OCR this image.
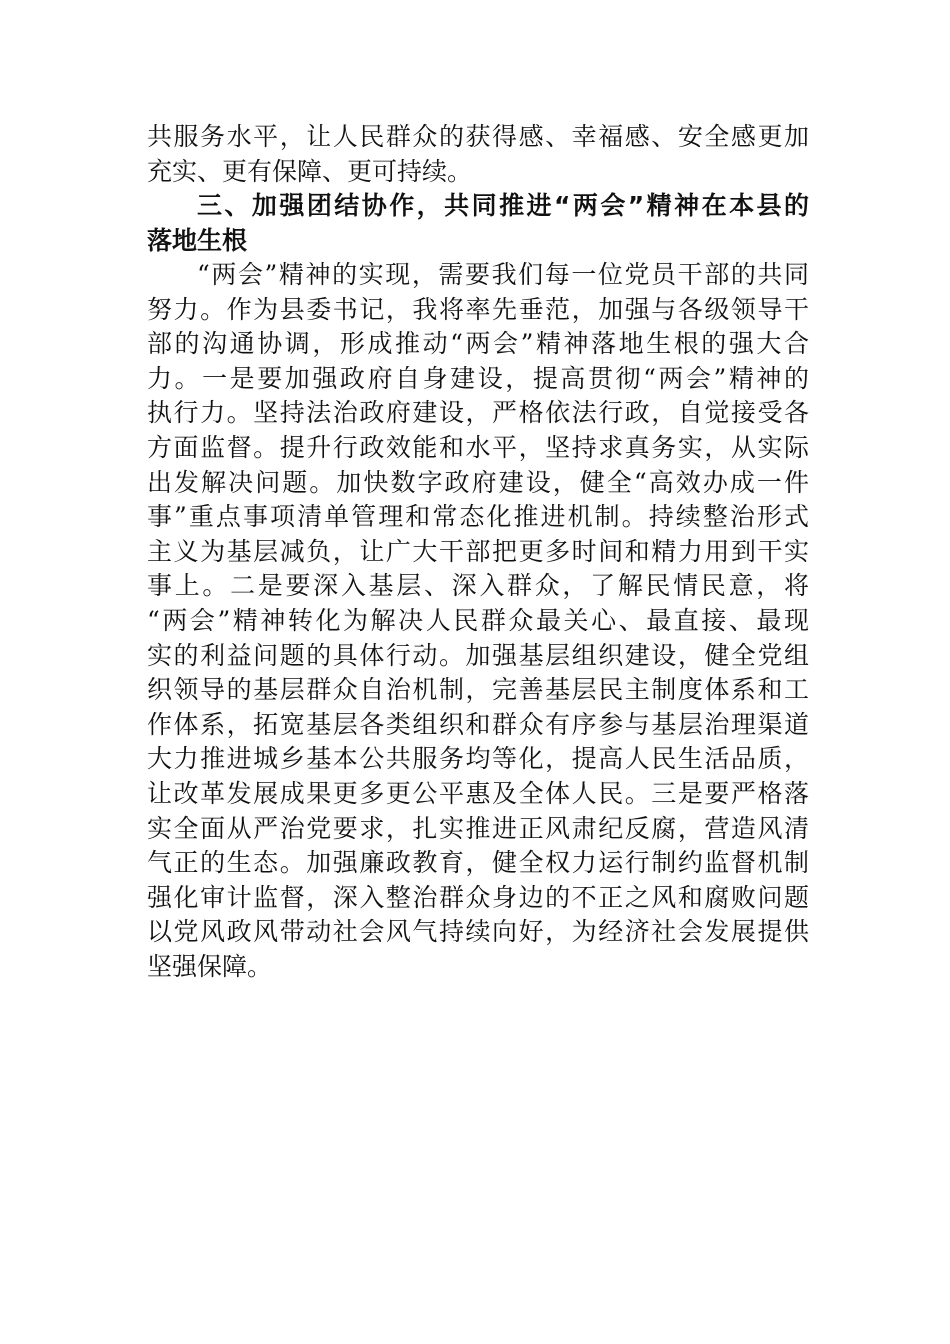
共服务水平，让人民群众的获得感、幸福感、安全感更加
充实、更有保障、更可持续。
三、加强团结协作，共同推进“两会”精神在本县的
落地生根
“两会”精神的实现，需要我们每一位党员干部的共同
努力。作为县委书记，我将率先垂范，加强与各级领导干
部的沟通协调，形成推动“两会”精神落地生根的强大合
力。一是要加强政府自身建设，提高贯彻“两会”精神的
执行力。坚持法治政府建设，严格依法行政，自觉接受各
方面监督。提升行政效能和水平，坚持求真务实，从实际
出发解决问题。加快数字政府建设，健全“高效办成一件
事”重点事项清单管理和常态化推进机制。持续整治形式
主义为基层减负，让广大干部把更多时间和精力用到干实
事上。二是要深入基层、深入群众，了解民情民意，将
“两会”精神转化为解决人民群众最关心、最直接、最现
实的利益问题的具体行动。加强基层组织建设，健全党组
织领导的基层群众自治机制，完善基层民主制度体系和工
作体系，拓宽基层各类组织和群众有序参与基层治理渠道
大力推进城乡基本公共服务均等化，提高人民生活品质，
让改革发展成果更多更公平惠及全体人民。三是要严格落
实全面从严治党要求，扎实推进正风肃纪反腐，营造风清
气正的生态。加强廉政教育，健全权力运行制约监督机制
强化审计监督，深入整治群众身边的不正之风和腐败问题
以党风政风带动社会风气持续向好，为经济社会发展提供
坚强保障。
